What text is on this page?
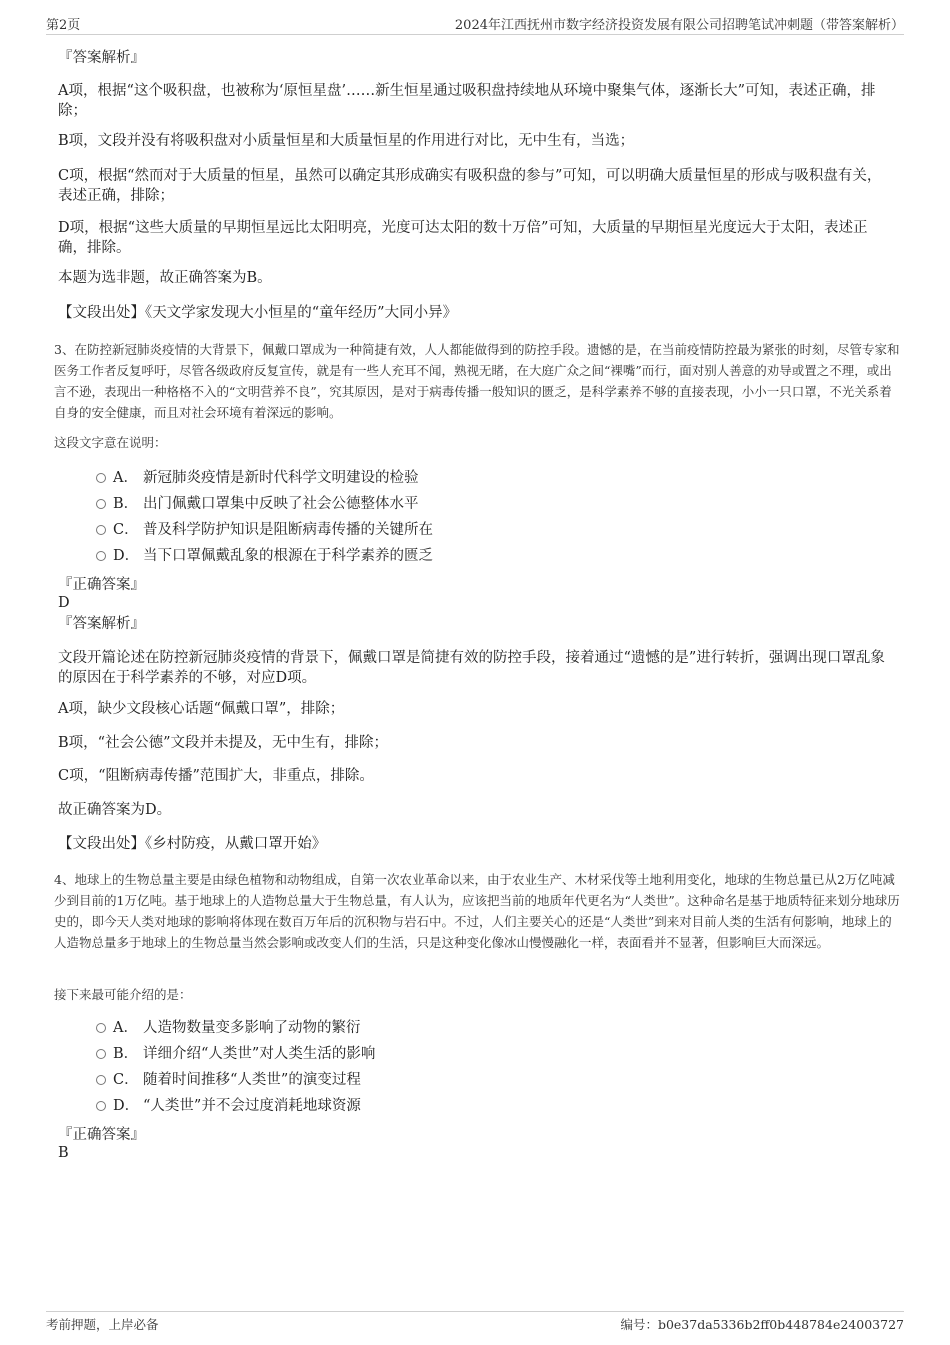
第2页	2024年江西抚州市数字经济投资发展有限公司招聘笔试冲刺题（带答案解析）
『答案解析』
A项，根据“这个吸积盘，也被称为‘原恒星盘’……新生恒星通过吸积盘持续地从环境中聚集气体，逐渐长大”可知，表述正确，排除；
B项，文段并没有将吸积盘对小质量恒星和大质量恒星的作用进行对比，无中生有，当选；
C项，根据“然而对于大质量的恒星，虽然可以确定其形成确实有吸积盘的参与”可知，可以明确大质量恒星的形成与吸积盘有关，表述正确，排除；
D项，根据“这些大质量的早期恒星远比太阳明亮，光度可达太阳的数十万倍”可知，大质量的早期恒星光度远大于太阳，表述正确，排除。
本题为选非题，故正确答案为B。
【文段出处】《天文学家发现大小恒星的“童年经历”大同小异》
3、在防控新冠肺炎疫情的大背景下，佩戴口罩成为一种简捷有效，人人都能做得到的防控手段。遗憾的是，在当前疫情防控最为紧张的时刻，尽管专家和医务工作者反复呼吁，尽管各级政府反复宣传，就是有一些人充耳不闻，熟视无睹，在大庭广众之间“裸嘴”而行，面对别人善意的劝导或置之不理，或出言不逊，表现出一种格格不入的“文明营养不良”，究其原因，是对于病毒传播一般知识的匮乏，是科学素养不够的直接表现，小小一只口罩，不光关系着自身的安全健康，而且对社会环境有着深远的影响。
这段文字意在说明：
A． 新冠肺炎疫情是新时代科学文明建设的检验
B． 出门佩戴口罩集中反映了社会公德整体水平
C． 普及科学防护知识是阻断病毒传播的关键所在
D． 当下口罩佩戴乱象的根源在于科学素养的匮乏
『正确答案』
D
『答案解析』
文段开篇论述在防控新冠肺炎疫情的背景下，佩戴口罩是简捷有效的防控手段，接着通过“遗憾的是”进行转折，强调出现口罩乱象的原因在于科学素养的不够，对应D项。
A项，缺少文段核心话题“佩戴口罩”，排除；
B项，“社会公德”文段并未提及，无中生有，排除；
C项，“阻断病毒传播”范围扩大，非重点，排除。
故正确答案为D。
【文段出处】《乡村防疫，从戴口罩开始》
4、地球上的生物总量主要是由绿色植物和动物组成，自第一次农业革命以来，由于农业生产、木材采伐等土地利用变化，地球的生物总量已从2万亿吨减少到目前的1万亿吨。基于地球上的人造物总量大于生物总量，有人认为，应该把当前的地质年代更名为“人类世”。这种命名是基于地质特征来划分地球历史的，即今天人类对地球的影响将体现在数百万年后的沉积物与岩石中。不过，人们主要关心的还是“人类世”到来对目前人类的生活有何影响，地球上的人造物总量多于地球上的生物总量当然会影响或改变人们的生活，只是这种变化像冰山慢慢融化一样，表面看并不显著，但影响巨大而深远。
接下来最可能介绍的是：
A． 人造物数量变多影响了动物的繁衍
B． 详细介绍“人类世”对人类生活的影响
C． 随着时间推移“人类世”的演变过程
D． “人类世”并不会过度消耗地球资源
『正确答案』
B
考前押题，上岸必备	编号：b0e37da5336b2ff0b448784e24003727
